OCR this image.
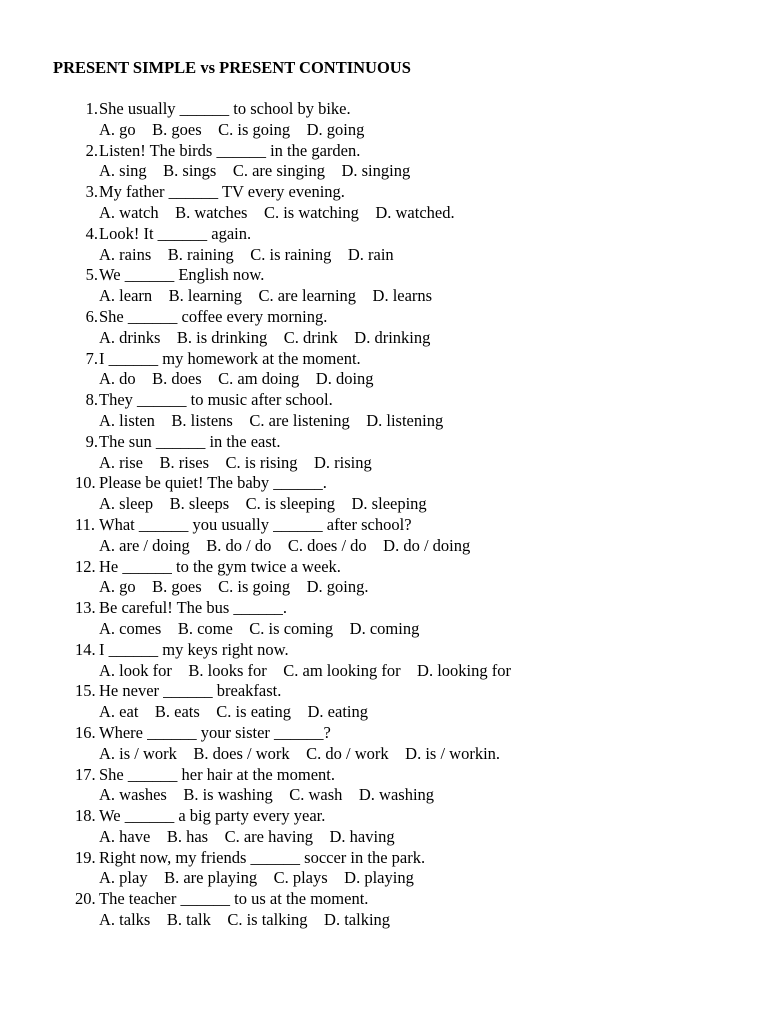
PRESENT SIMPLE vs PRESENT CONTINUOUS
1. She usually ______ to school by bike.
A. go    B. goes    C. is going    D. going
2. Listen! The birds ______ in the garden.
A. sing    B. sings    C. are singing    D. singing
3. My father ______ TV every evening.
A. watch    B. watches    C. is watching    D. watched.
4. Look! It ______ again.
A. rains    B. raining    C. is raining    D. rain
5. We ______ English now.
A. learn    B. learning    C. are learning    D. learns
6. She ______ coffee every morning.
A. drinks    B. is drinking    C. drink    D. drinking
7. I ______ my homework at the moment.
A. do    B. does    C. am doing    D. doing
8. They ______ to music after school.
A. listen    B. listens    C. are listening    D. listening
9. The sun ______ in the east.
A. rise    B. rises    C. is rising    D. rising
10. Please be quiet! The baby ______.
A. sleep    B. sleeps    C. is sleeping    D. sleeping
11. What ______ you usually ______ after school?
A. are / doing    B. do / do    C. does / do    D. do / doing
12. He ______ to the gym twice a week.
A. go    B. goes    C. is going    D. going.
13. Be careful! The bus ______.
A. comes    B. come    C. is coming    D. coming
14. I ______ my keys right now.
A. look for    B. looks for    C. am looking for    D. looking for
15. He never ______ breakfast.
A. eat    B. eats    C. is eating    D. eating
16. Where ______ your sister ______?
A. is / work    B. does / work    C. do / work    D. is / workin.
17. She ______ her hair at the moment.
A. washes    B. is washing    C. wash    D. washing
18. We ______ a big party every year.
A. have    B. has    C. are having    D. having
19. Right now, my friends ______ soccer in the park.
A. play    B. are playing    C. plays    D. playing
20. The teacher ______ to us at the moment.
A. talks    B. talk    C. is talking    D. talking
